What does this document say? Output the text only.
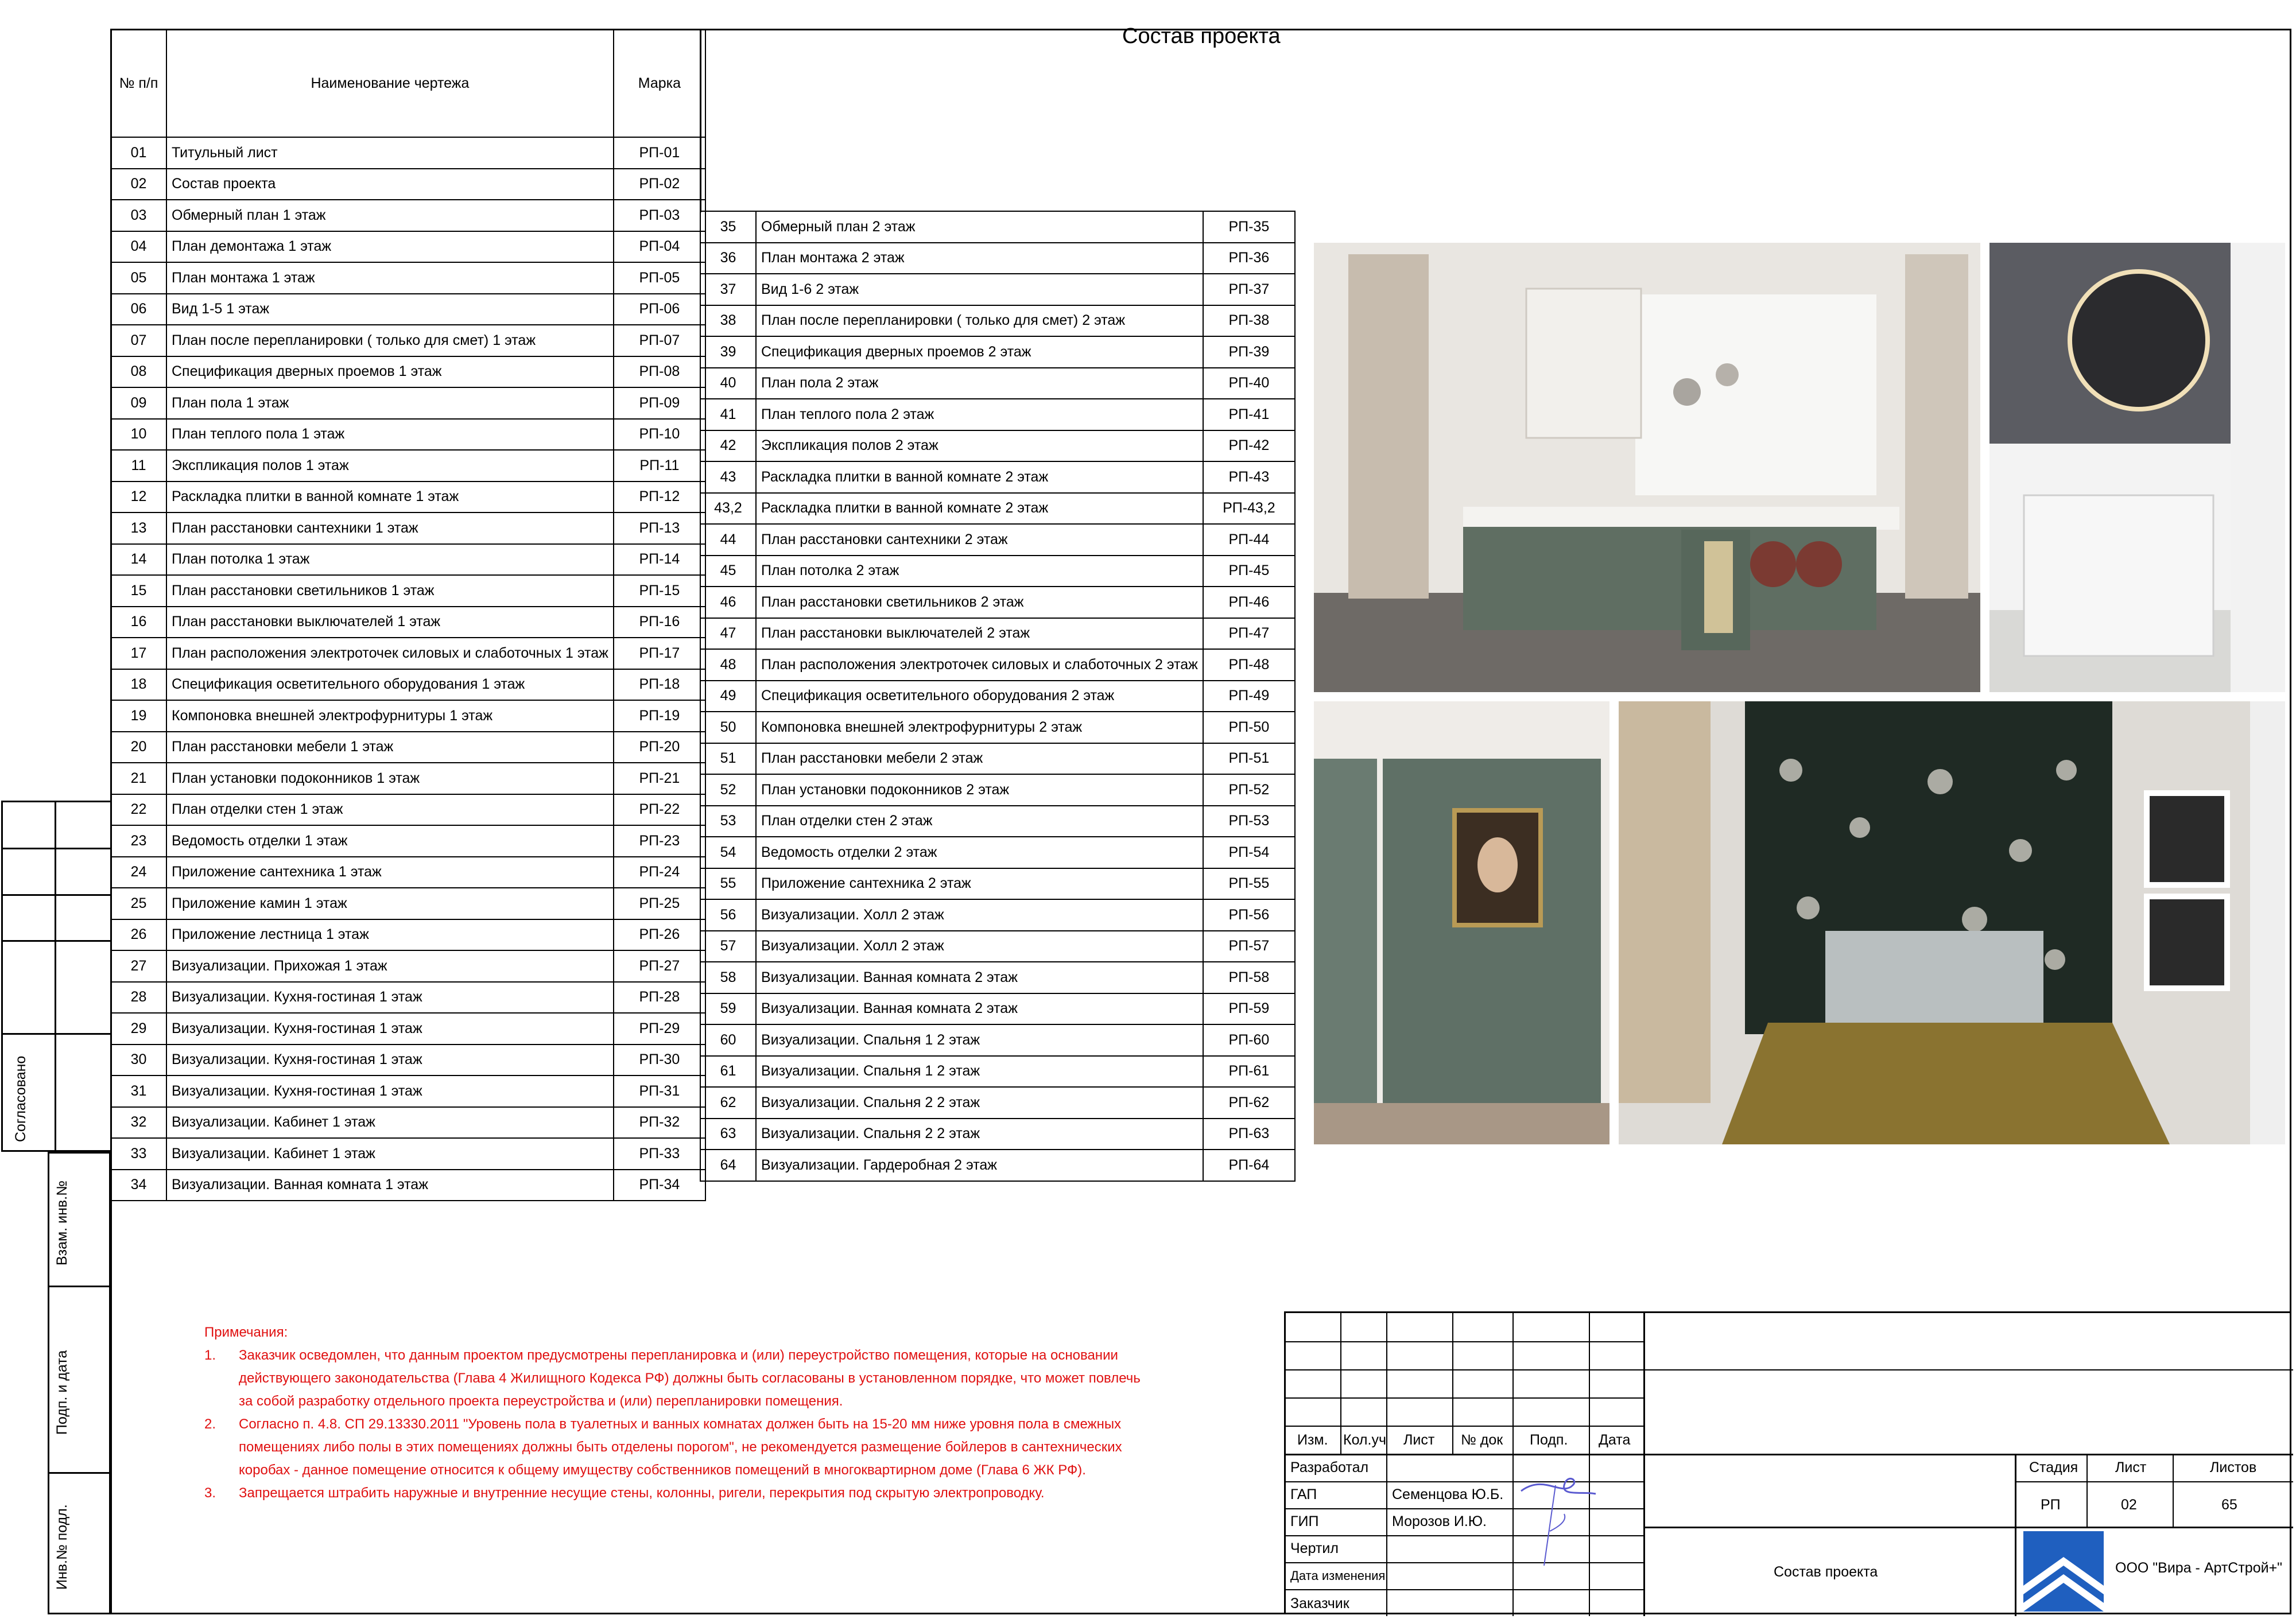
Состав проекта
№ п/п	Наименование чертежа	Марка
01	Титульный лист	РП-01
02	Состав проекта	РП-02
03	Обмерный план 1 этаж	РП-03
04	План демонтажа 1 этаж	РП-04
05	План монтажа 1 этаж	РП-05
06	Вид 1-5 1 этаж	РП-06
07	План после перепланировки ( только для смет) 1 этаж	РП-07
08	Спецификация дверных проемов 1 этаж	РП-08
09	План пола 1 этаж	РП-09
10	План теплого пола 1 этаж	РП-10
11	Экспликация полов 1 этаж	РП-11
12	Раскладка плитки в ванной комнате 1 этаж	РП-12
13	План расстановки сантехники 1 этаж	РП-13
14	План потолка 1 этаж	РП-14
15	План расстановки светильников 1 этаж	РП-15
16	План расстановки выключателей 1 этаж	РП-16
17	План расположения электроточек силовых и слаботочных 1 этаж	РП-17
18	Спецификация осветительного оборудования 1 этаж	РП-18
19	Компоновка внешней электрофурнитуры 1 этаж	РП-19
20	План расстановки мебели 1 этаж	РП-20
21	План установки подоконников 1 этаж	РП-21
22	План отделки стен 1 этаж	РП-22
23	Ведомость отделки 1 этаж	РП-23
24	Приложение сантехника 1 этаж	РП-24
25	Приложение камин 1 этаж	РП-25
26	Приложение лестница 1 этаж	РП-26
27	Визуализации. Прихожая 1 этаж	РП-27
28	Визуализации. Кухня-гостиная 1 этаж	РП-28
29	Визуализации. Кухня-гостиная 1 этаж	РП-29
30	Визуализации. Кухня-гостиная 1 этаж	РП-30
31	Визуализации. Кухня-гостиная 1 этаж	РП-31
32	Визуализации. Кабинет 1 этаж	РП-32
33	Визуализации. Кабинет 1 этаж	РП-33
34	Визуализации. Ванная комната 1 этаж	РП-34
35	Обмерный план 2 этаж	РП-35
36	План монтажа 2 этаж	РП-36
37	Вид 1-6 2 этаж	РП-37
38	План после перепланировки ( только для смет) 2 этаж	РП-38
39	Спецификация дверных проемов 2 этаж	РП-39
40	План пола 2 этаж	РП-40
41	План теплого пола 2 этаж	РП-41
42	Экспликация полов 2 этаж	РП-42
43	Раскладка плитки в ванной комнате 2 этаж	РП-43
43,2	Раскладка плитки в ванной комнате 2 этаж	РП-43,2
44	План расстановки сантехники 2 этаж	РП-44
45	План потолка 2 этаж	РП-45
46	План расстановки светильников 2 этаж	РП-46
47	План расстановки выключателей 2 этаж	РП-47
48	План расположения электроточек силовых и слаботочных 2 этаж	РП-48
49	Спецификация осветительного оборудования 2 этаж	РП-49
50	Компоновка внешней электрофурнитуры 2 этаж	РП-50
51	План расстановки мебели 2 этаж	РП-51
52	План установки подоконников 2 этаж	РП-52
53	План отделки стен 2 этаж	РП-53
54	Ведомость отделки 2 этаж	РП-54
55	Приложение сантехника 2 этаж	РП-55
56	Визуализации. Холл 2 этаж	РП-56
57	Визуализации. Холл 2 этаж	РП-57
58	Визуализации. Ванная комната 2 этаж	РП-58
59	Визуализации. Ванная комната 2 этаж	РП-59
60	Визуализации. Спальня 1 2 этаж	РП-60
61	Визуализации. Спальня 1 2 этаж	РП-61
62	Визуализации. Спальня 2 2 этаж	РП-62
63	Визуализации. Спальня 2 2 этаж	РП-63
64	Визуализации. Гардеробная 2 этаж	РП-64
Согласовано
Взам. инв.№
Подп. и дата
Инв.№ подл.
Примечания:
1. Заказчик осведомлен, что данным проектом предусмотрены перепланировка и (или) переустройство помещения, которые на основании
действующего законодательства (Глава 4 Жилищного Кодекса РФ) должны быть согласованы в установленном порядке, что может повлечь
за собой разработку отдельного проекта переустройства и (или) перепланировки помещения.
2. Согласно п. 4.8. СП 29.13330.2011 "Уровень пола в туалетных и ванных комнатах должен быть на 15-20 мм ниже уровня пола в смежных
помещениях либо полы в этих помещениях должны быть отделены порогом", не рекомендуется размещение бойлеров в сантехнических
коробах - данное помещение относится к общему имуществу собственников помещений в многоквартирном доме (Глава 6 ЖК РФ).
3. Запрещается штрабить наружные и внутренние несущие стены, колонны, ригели, перекрытия под скрытую электропроводку.
Изм. Кол.уч Лист № док Подп. Дата
Разработал
ГАП	Семенцова Ю.Б.
ГИП	Морозов И.Ю.
Чертил
Дата изменения
Заказчик
Стадия	Лист	Листов
РП	02	65
Состав проекта	ООО "Вира - АртСтрой+"
